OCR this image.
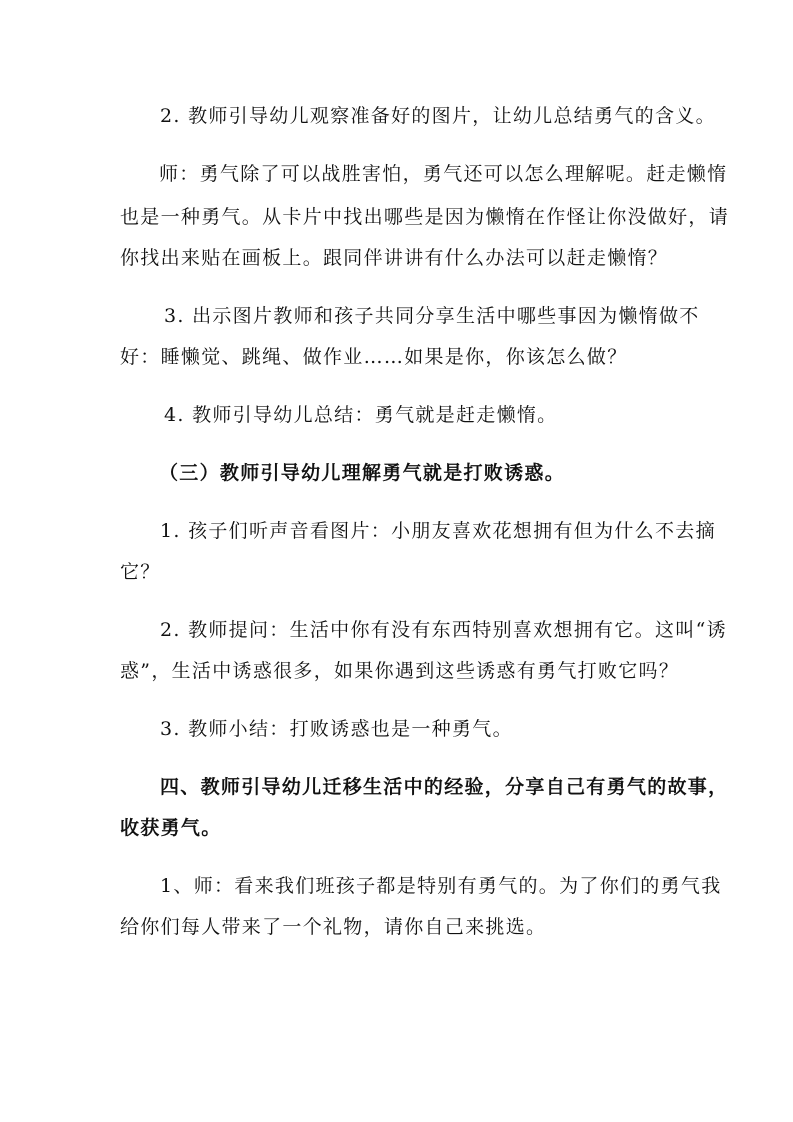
2. 教师引导幼儿观察准备好的图片，让幼儿总结勇气的含义。
师：勇气除了可以战胜害怕，勇气还可以怎么理解呢。赶走懒惰
也是一种勇气。从卡片中找出哪些是因为懒惰在作怪让你没做好，请
你找出来贴在画板上。跟同伴讲讲有什么办法可以赶走懒惰？
3. 出示图片教师和孩子共同分享生活中哪些事因为懒惰做不
好：睡懒觉、跳绳、做作业……如果是你，你该怎么做？
4. 教师引导幼儿总结：勇气就是赶走懒惰。
（三）教师引导幼儿理解勇气就是打败诱惑。
1. 孩子们听声音看图片：小朋友喜欢花想拥有但为什么不去摘
它？
2. 教师提问：生活中你有没有东西特别喜欢想拥有它。这叫“诱
惑”，生活中诱惑很多，如果你遇到这些诱惑有勇气打败它吗？
3. 教师小结：打败诱惑也是一种勇气。
四、教师引导幼儿迁移生活中的经验，分享自己有勇气的故事，
收获勇气。
1、师：看来我们班孩子都是特别有勇气的。为了你们的勇气我
给你们每人带来了一个礼物，请你自己来挑选。
